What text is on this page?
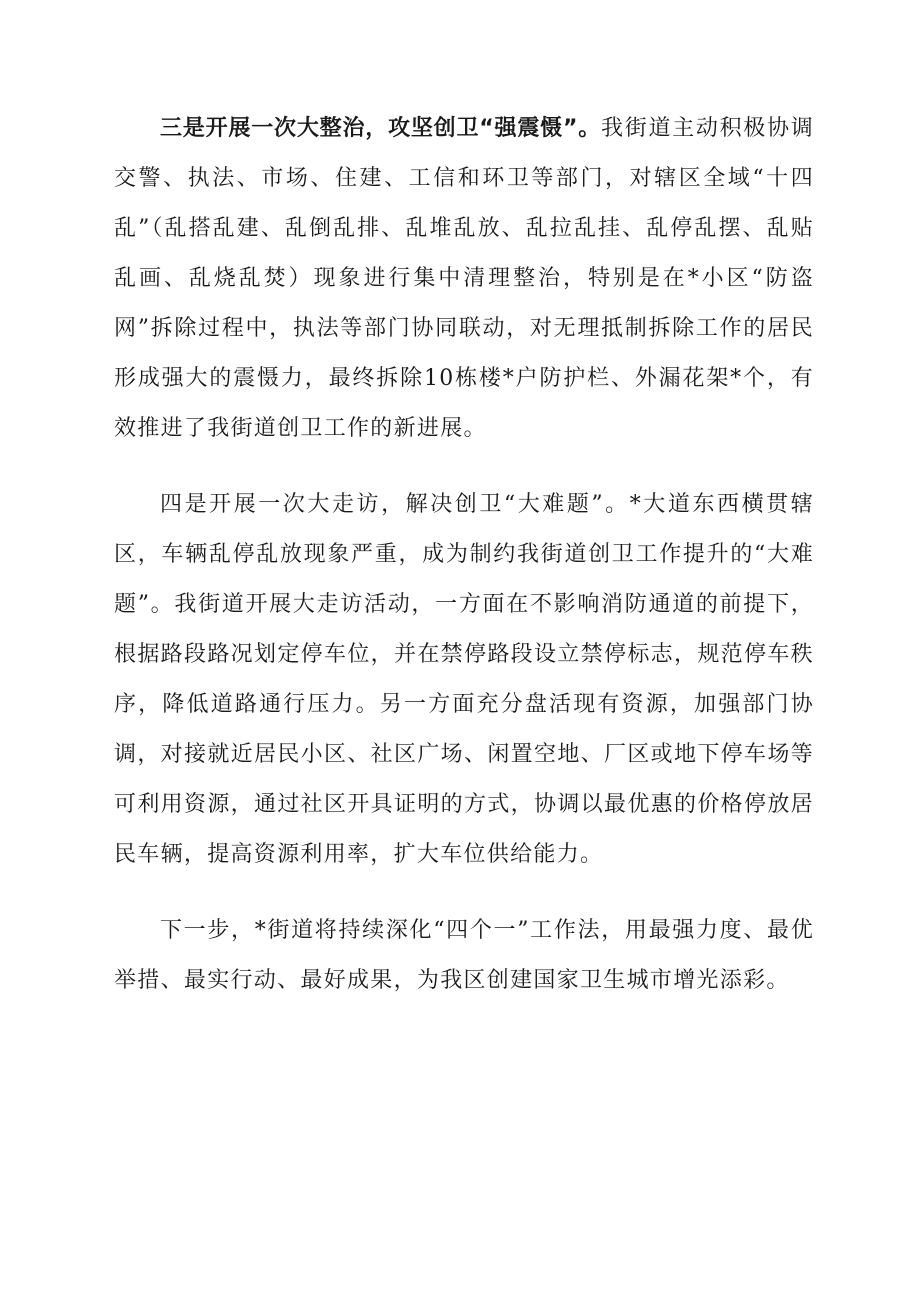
三是开展一次大整治，攻坚创卫“强震慑”。我街道主动积极协调交警、执法、市场、住建、工信和环卫等部门，对辖区全域“十四乱”（乱搭乱建、乱倒乱排、乱堆乱放、乱拉乱挂、乱停乱摆、乱贴乱画、乱烧乱焚）现象进行集中清理整治，特别是在*小区“防盗网”拆除过程中，执法等部门协同联动，对无理抵制拆除工作的居民形成强大的震慑力，最终拆除10栋楼*户防护栏、外漏花架*个，有效推进了我街道创卫工作的新进展。

四是开展一次大走访，解决创卫“大难题”。*大道东西横贯辖区，车辆乱停乱放现象严重，成为制约我街道创卫工作提升的“大难题”。我街道开展大走访活动，一方面在不影响消防通道的前提下，根据路段路况划定停车位，并在禁停路段设立禁停标志，规范停车秩序，降低道路通行压力。另一方面充分盘活现有资源，加强部门协调，对接就近居民小区、社区广场、闲置空地、厂区或地下停车场等可利用资源，通过社区开具证明的方式，协调以最优惠的价格停放居民车辆，提高资源利用率，扩大车位供给能力。

下一步，*街道将持续深化“四个一”工作法，用最强力度、最优举措、最实行动、最好成果，为我区创建国家卫生城市增光添彩。
